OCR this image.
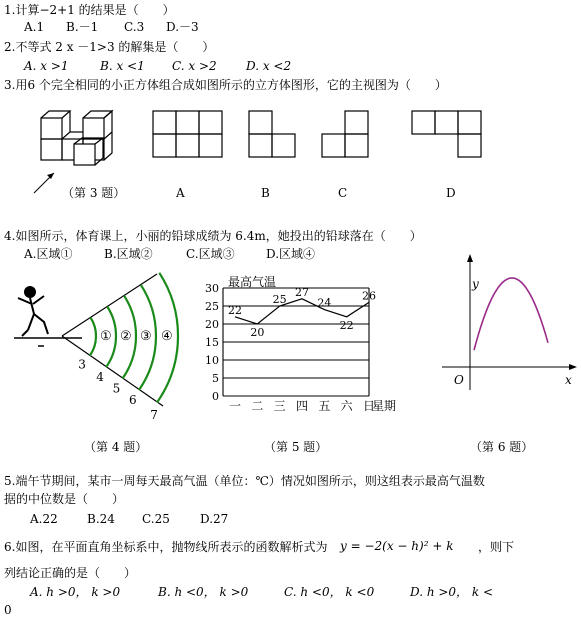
1.计算−2+1 的结果是（　　）
A.1 B.－1 C.3 D.－3
2.不等式 2 x －1>3 的解集是（　　）
A. x >1	B. x <1 C. x >2 D. x <2
3.用6 个完全相同的小正方体组合成如图所示的立方体图形，它的主视图为（　　）
（第 3 题）	A	B	C	D
4.如图所示，体育课上，小丽的铅球成绩为 6.4m，她投出的铅球落在（　　）
A.区域①	B.区域②	C.区域③	D.区域④
① ② ③ ④
3
4
5
6
7
最高气温
30
25
20
15
10
5
0
一 二 三 四 五 六 日
22
20
25
27
24
22
26
星期
y
x
O
（第 4 题）	（第 5 题）	（第 6 题）
5.端午节期间，某市一周每天最高气温（单位：℃）情况如图所示，则这组表示最高气温数
据的中位数是（　　）
A.22 B.24 C.25	D.27
6.如图，在平面直角坐标系中，抛物线所表示的函数解析式为 y = −2(x − h)² + k ，则下
列结论正确的是（　　）
A. h >0， k >0	B. h <0， k >0	C. h <0， k <0	D. h >0， k <
0
